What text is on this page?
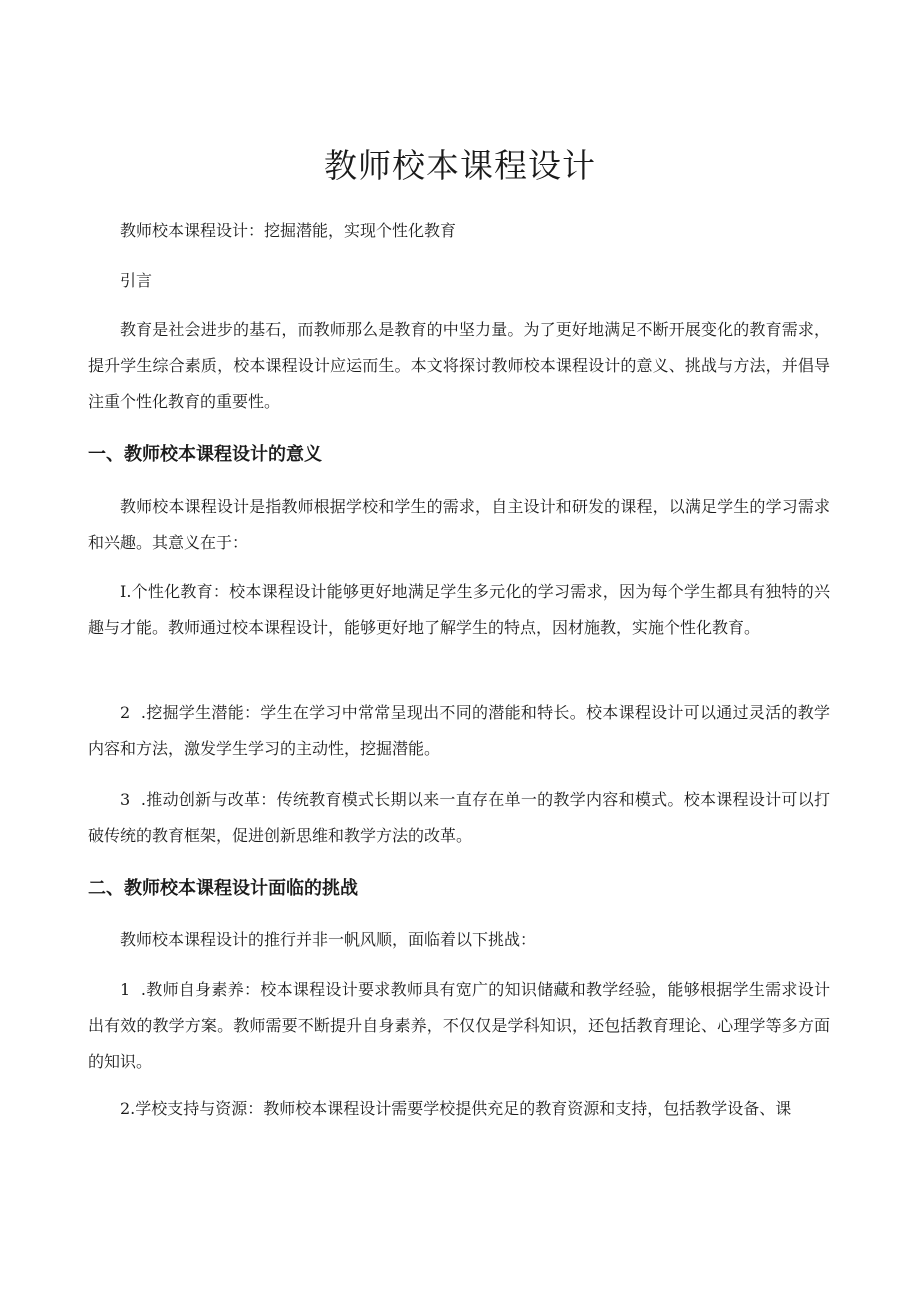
教师校本课程设计

教师校本课程设计：挖掘潜能，实现个性化教育

引言

教育是社会进步的基石，而教师那么是教育的中坚力量。为了更好地满足不断开展变化的教育需求，提升学生综合素质，校本课程设计应运而生。本文将探讨教师校本课程设计的意义、挑战与方法，并倡导注重个性化教育的重要性。

一、教师校本课程设计的意义

教师校本课程设计是指教师根据学校和学生的需求，自主设计和研发的课程，以满足学生的学习需求和兴趣。其意义在于：

I.个性化教育：校本课程设计能够更好地满足学生多元化的学习需求，因为每个学生都具有独特的兴趣与才能。教师通过校本课程设计，能够更好地了解学生的特点，因材施教，实施个性化教育。

2  .挖掘学生潜能：学生在学习中常常呈现出不同的潜能和特长。校本课程设计可以通过灵活的教学内容和方法，激发学生学习的主动性，挖掘潜能。

3  .推动创新与改革：传统教育模式长期以来一直存在单一的教学内容和模式。校本课程设计可以打破传统的教育框架，促进创新思维和教学方法的改革。

二、教师校本课程设计面临的挑战

教师校本课程设计的推行并非一帆风顺，面临着以下挑战：

1  .教师自身素养：校本课程设计要求教师具有宽广的知识储藏和教学经验，能够根据学生需求设计出有效的教学方案。教师需要不断提升自身素养，不仅仅是学科知识，还包括教育理论、心理学等多方面的知识。

2.学校支持与资源：教师校本课程设计需要学校提供充足的教育资源和支持，包括教学设备、课
